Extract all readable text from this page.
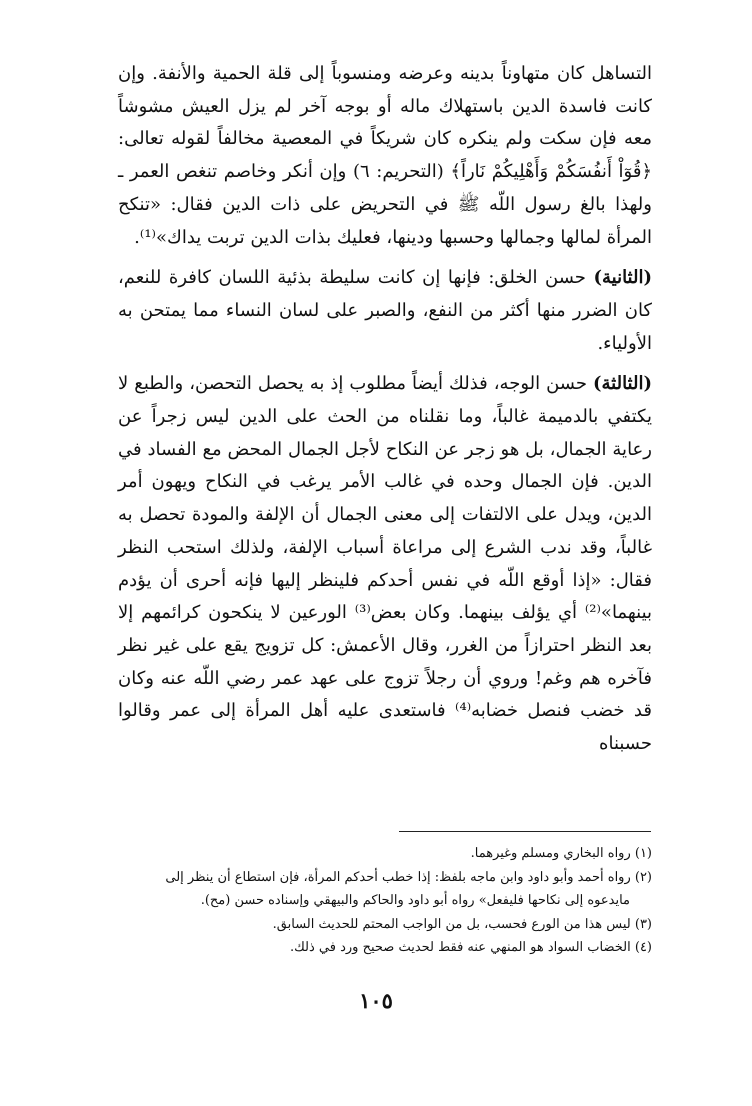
التساهل كان متهاوناً بدينه وعرضه ومنسوباً إلى قلة الحمية والأنفة. وإن كانت فاسدة الدين باستهلاك ماله أو بوجه آخر لم يزل العيش مشوشاً معه فإن سكت ولم ينكره كان شريكاً في المعصية مخالفاً لقوله تعالى: ﴿قُوٓاْ أَنفُسَكُمْ وَأَهْلِيكُمْ نَاراً﴾ (التحريم: ٦) وإن أنكر وخاصم تنغص العمر ـ ولهذا بالغ رسول اللّه ﷺ في التحريض على ذات الدين فقال: «تنكح المرأة لمالها وجمالها وحسبها ودينها، فعليك بذات الدين تربت يداك»⁽¹⁾.

(الثانية) حسن الخلق: فإنها إن كانت سليطة بذئية اللسان كافرة للنعم، كان الضرر منها أكثر من النفع، والصبر على لسان النساء مما يمتحن به الأولياء.

(الثالثة) حسن الوجه، فذلك أيضاً مطلوب إذ به يحصل التحصن، والطبع لا يكتفي بالدميمة غالباً، وما نقلناه من الحث على الدين ليس زجراً عن رعاية الجمال، بل هو زجر عن النكاح لأجل الجمال المحض مع الفساد في الدين. فإن الجمال وحده في غالب الأمر يرغب في النكاح ويهون أمر الدين، ويدل على الالتفات إلى معنى الجمال أن الإلفة والمودة تحصل به غالباً، وقد ندب الشرع إلى مراعاة أسباب الإلفة، ولذلك استحب النظر فقال: «إذا أوقع اللّه في نفس أحدكم فلينظر إليها فإنه أحرى أن يؤدم بينهما»⁽²⁾ أي يؤلف بينهما. وكان بعض⁽³⁾ الورعين لا ينكحون كرائمهم إلا بعد النظر احترازاً من الغرر، وقال الأعمش: كل تزويج يقع على غير نظر فآخره هم وغم! وروي أن رجلاً تزوج على عهد عمر رضي اللّه عنه وكان قد خضب فنصل خضابه⁽⁴⁾ فاستعدى عليه أهل المرأة إلى عمر وقالوا حسبناه

(١) رواه البخاري ومسلم وغيرهما.

(٢) رواه أحمد وأبو داود وابن ماجه بلفظ: إذا خطب أحدكم المرأة، فإن استطاع أن ينظر إلى

مايدعوه إلى نكاحها فليفعل» رواه أبو داود والحاكم والبيهقي وإسناده حسن (مح).

(٣) ليس هذا من الورع فحسب، بل من الواجب المحتم للحديث السابق.

(٤) الخضاب السواد هو المنهي عنه فقط لحديث صحيح ورد في ذلك.

١٠٥
